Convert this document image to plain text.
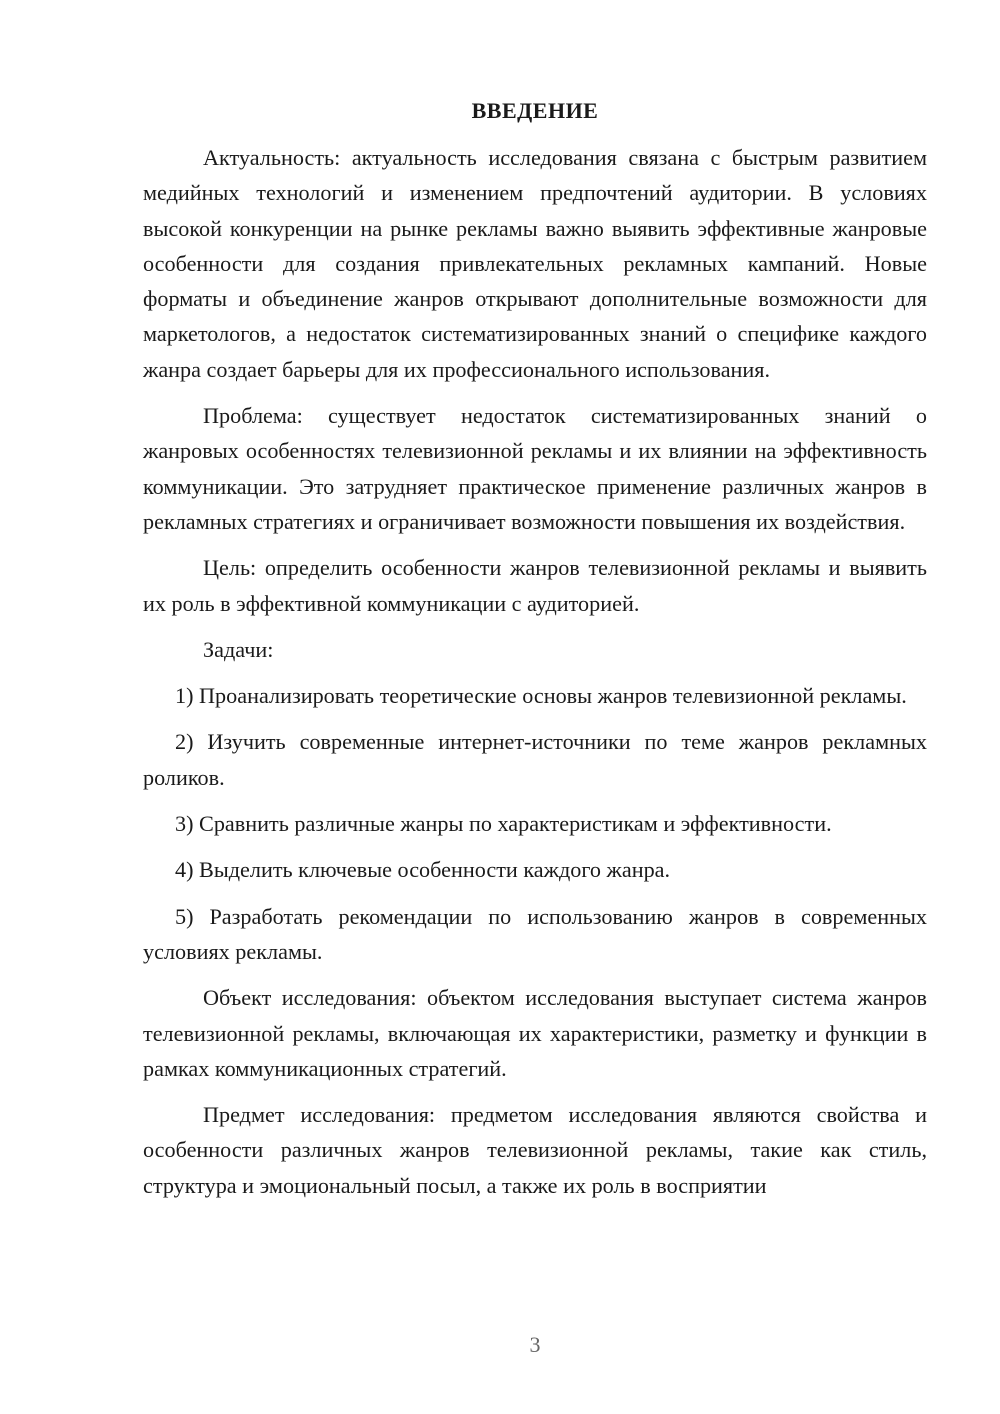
ВВЕДЕНИЕ

Актуальность: актуальность исследования связана с быстрым развитием медийных технологий и изменением предпочтений аудитории. В условиях высокой конкуренции на рынке рекламы важно выявить эффективные жанровые особенности для создания привлекательных рекламных кампаний. Новые форматы и объединение жанров открывают дополнительные возможности для маркетологов, а недостаток систематизированных знаний о специфике каждого жанра создает барьеры для их профессионального использования.

Проблема: существует недостаток систематизированных знаний о жанровых особенностях телевизионной рекламы и их влиянии на эффективность коммуникации. Это затрудняет практическое применение различных жанров в рекламных стратегиях и ограничивает возможности повышения их воздействия.

Цель: определить особенности жанров телевизионной рекламы и выявить их роль в эффективной коммуникации с аудиторией.

Задачи:

1) Проанализировать теоретические основы жанров телевизионной рекламы.

2) Изучить современные интернет-источники по теме жанров рекламных роликов.

3) Сравнить различные жанры по характеристикам и эффективности.

4) Выделить ключевые особенности каждого жанра.

5) Разработать рекомендации по использованию жанров в современных условиях рекламы.

Объект исследования: объектом исследования выступает система жанров телевизионной рекламы, включающая их характеристики, разметку и функции в рамках коммуникационных стратегий.

Предмет исследования: предметом исследования являются свойства и особенности различных жанров телевизионной рекламы, такие как стиль, структура и эмоциональный посыл, а также их роль в восприятии

3
